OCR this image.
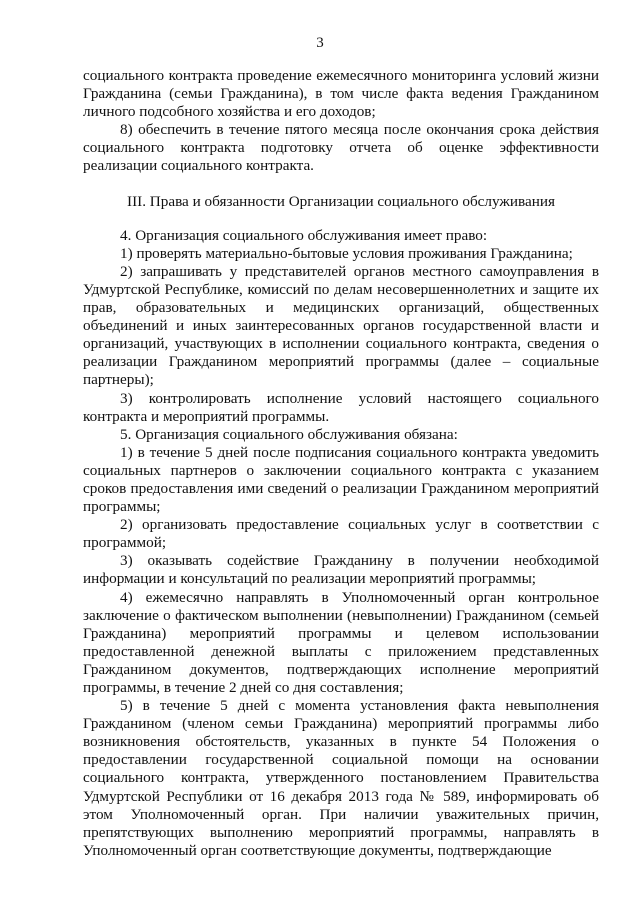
3

социального контракта проведение ежемесячного мониторинга условий жизни Гражданина (семьи Гражданина), в том числе факта ведения Гражданином личного подсобного хозяйства и его доходов;

8) обеспечить в течение пятого месяца после окончания срока действия социального контракта подготовку отчета об оценке эффективности реализации социального контракта.

III. Права и обязанности Организации социального обслуживания

4. Организация социального обслуживания имеет право:

1) проверять материально-бытовые условия проживания Гражданина;

2) запрашивать у представителей органов местного самоуправления в Удмуртской Республике, комиссий по делам несовершеннолетних и защите их прав, образовательных и медицинских организаций, общественных объединений и иных заинтересованных органов государственной власти и организаций, участвующих в исполнении социального контракта, сведения о реализации Гражданином мероприятий программы (далее – социальные партнеры);

3) контролировать исполнение условий настоящего социального контракта и мероприятий программы.

5. Организация социального обслуживания обязана:

1) в течение 5 дней после подписания социального контракта уведомить социальных партнеров о заключении социального контракта с указанием сроков предоставления ими сведений о реализации Гражданином мероприятий программы;

2) организовать предоставление социальных услуг в соответствии с программой;

3) оказывать содействие Гражданину в получении необходимой информации и консультаций по реализации мероприятий программы;

4) ежемесячно направлять в Уполномоченный орган контрольное заключение о фактическом выполнении (невыполнении) Гражданином (семьей Гражданина) мероприятий программы и целевом использовании предоставленной денежной выплаты с приложением представленных Гражданином документов, подтверждающих исполнение мероприятий программы, в течение 2 дней со дня составления;

5) в течение 5 дней с момента установления факта невыполнения Гражданином (членом семьи Гражданина) мероприятий программы либо возникновения обстоятельств, указанных в пункте 54 Положения о предоставлении государственной социальной помощи на основании социального контракта, утвержденного постановлением Правительства Удмуртской Республики от 16 декабря 2013 года № 589, информировать об этом Уполномоченный орган. При наличии уважительных причин, препятствующих выполнению мероприятий программы, направлять в Уполномоченный орган соответствующие документы, подтверждающие
